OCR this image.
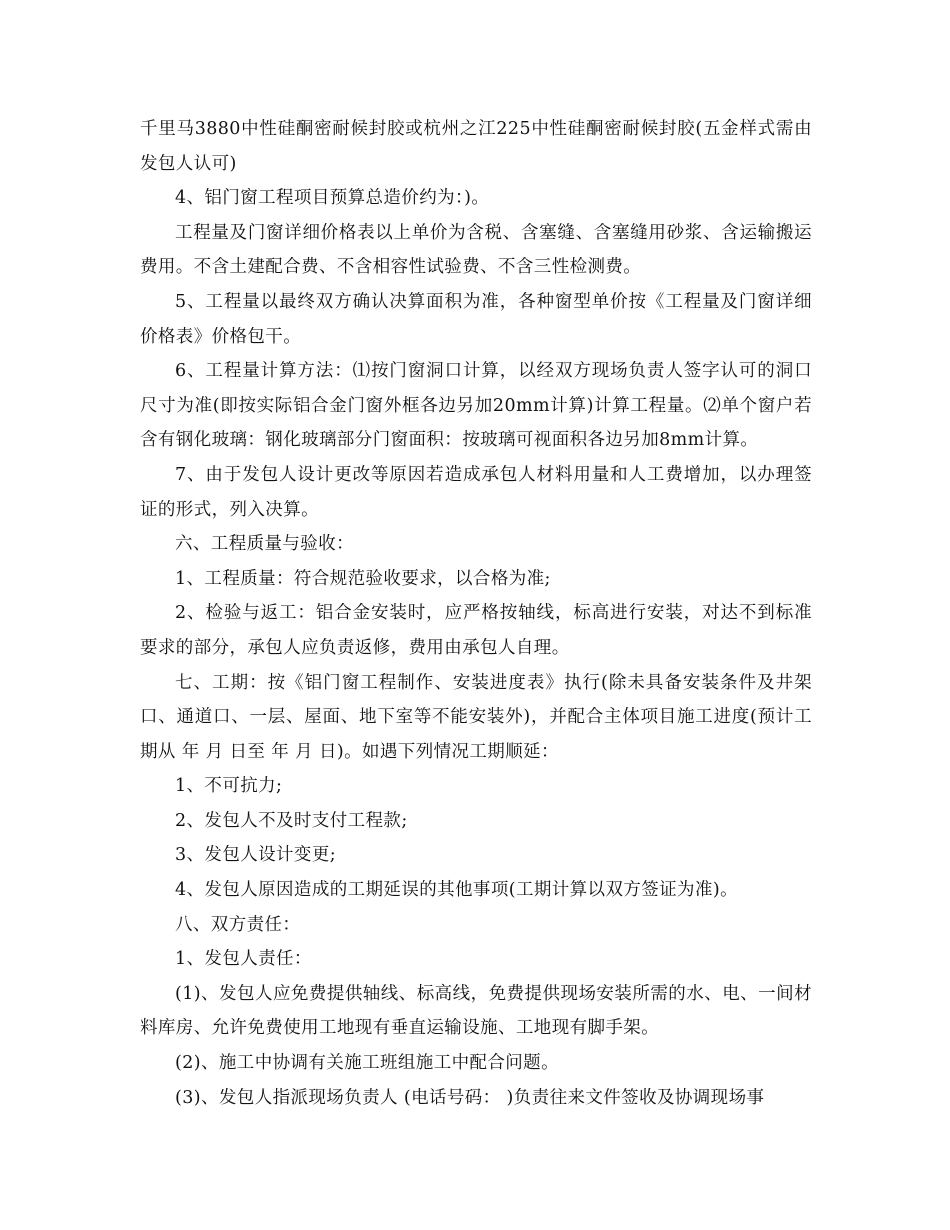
千里马3880中性硅酮密耐候封胶或杭州之江225中性硅酮密耐候封胶(五金样式需由发包人认可)

4、铝门窗工程项目预算总造价约为：)。

工程量及门窗详细价格表以上单价为含税、含塞缝、含塞缝用砂浆、含运输搬运费用。不含土建配合费、不含相容性试验费、不含三性检测费。

5、工程量以最终双方确认决算面积为准，各种窗型单价按《工程量及门窗详细价格表》价格包干。

6、工程量计算方法：⑴按门窗洞口计算，以经双方现场负责人签字认可的洞口尺寸为准(即按实际铝合金门窗外框各边另加20mm计算)计算工程量。⑵单个窗户若含有钢化玻璃：钢化玻璃部分门窗面积：按玻璃可视面积各边另加8mm计算。

7、由于发包人设计更改等原因若造成承包人材料用量和人工费增加，以办理签证的形式，列入决算。

六、工程质量与验收：

1、工程质量：符合规范验收要求，以合格为准;

2、检验与返工：铝合金安装时，应严格按轴线，标高进行安装，对达不到标准要求的部分，承包人应负责返修，费用由承包人自理。

七、工期：按《铝门窗工程制作、安装进度表》执行(除未具备安装条件及井架口、通道口、一层、屋面、地下室等不能安装外)，并配合主体项目施工进度(预计工期从 年 月 日至 年 月 日)。如遇下列情况工期顺延：

1、不可抗力;

2、发包人不及时支付工程款;

3、发包人设计变更;

4、发包人原因造成的工期延误的其他事项(工期计算以双方签证为准)。

八、双方责任：

1、发包人责任：

(1)、发包人应免费提供轴线、标高线，免费提供现场安装所需的水、电、一间材料库房、允许免费使用工地现有垂直运输设施、工地现有脚手架。

(2)、施工中协调有关施工班组施工中配合问题。

(3)、发包人指派现场负责人 (电话号码： )负责往来文件签收及协调现场事
